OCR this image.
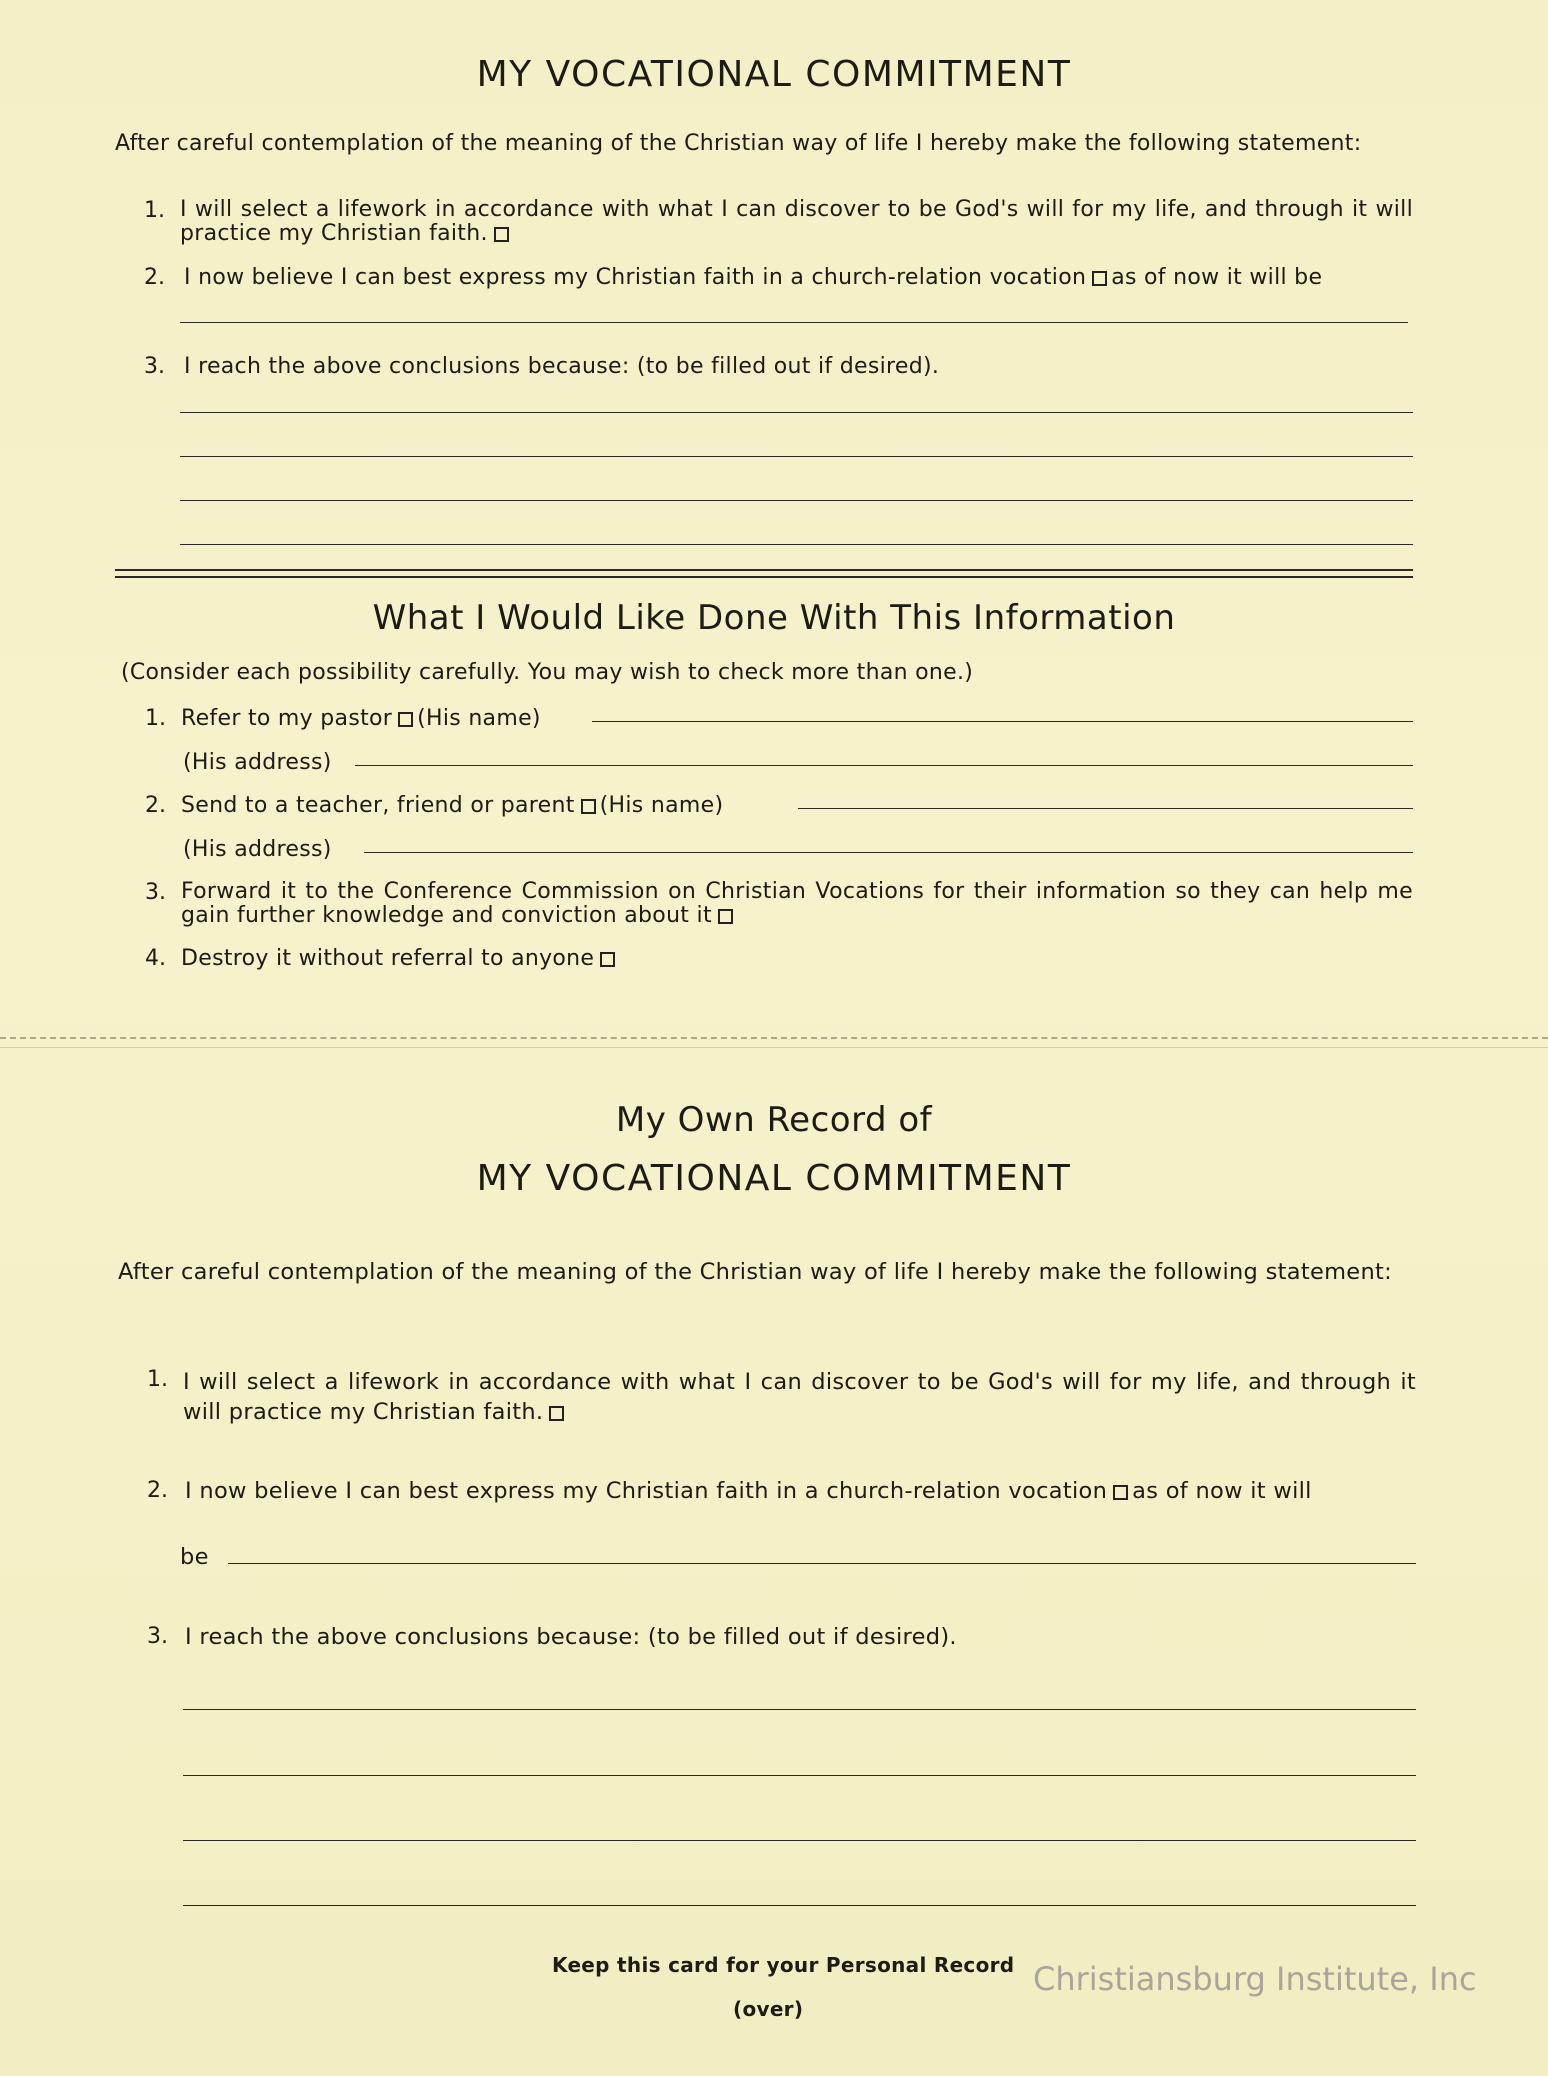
MY VOCATIONAL COMMITMENT
After careful contemplation of the meaning of the Christian way of life I hereby make the following statement:
1. I will select a lifework in accordance with what I can discover to be God's will for my life, and through it will practice my Christian faith.
2. I now believe I can best express my Christian faith in a church-relation vocation as of now it will be
3. I reach the above conclusions because: (to be filled out if desired).
What I Would Like Done With This Information
(Consider each possibility carefully. You may wish to check more than one.)
1. Refer to my pastor (His name)
(His address)
2. Send to a teacher, friend or parent (His name)
(His address)
3. Forward it to the Conference Commission on Christian Vocations for their information so they can help me gain further knowledge and conviction about it
4. Destroy it without referral to anyone
My Own Record of
MY VOCATIONAL COMMITMENT
After careful contemplation of the meaning of the Christian way of life I hereby make the following statement:
1. I will select a lifework in accordance with what I can discover to be God's will for my life, and through it will practice my Christian faith.
2. I now believe I can best express my Christian faith in a church-relation vocation as of now it will
be
3. I reach the above conclusions because: (to be filled out if desired).
Keep this card for your Personal Record
(over)
Christiansburg Institute, Inc
